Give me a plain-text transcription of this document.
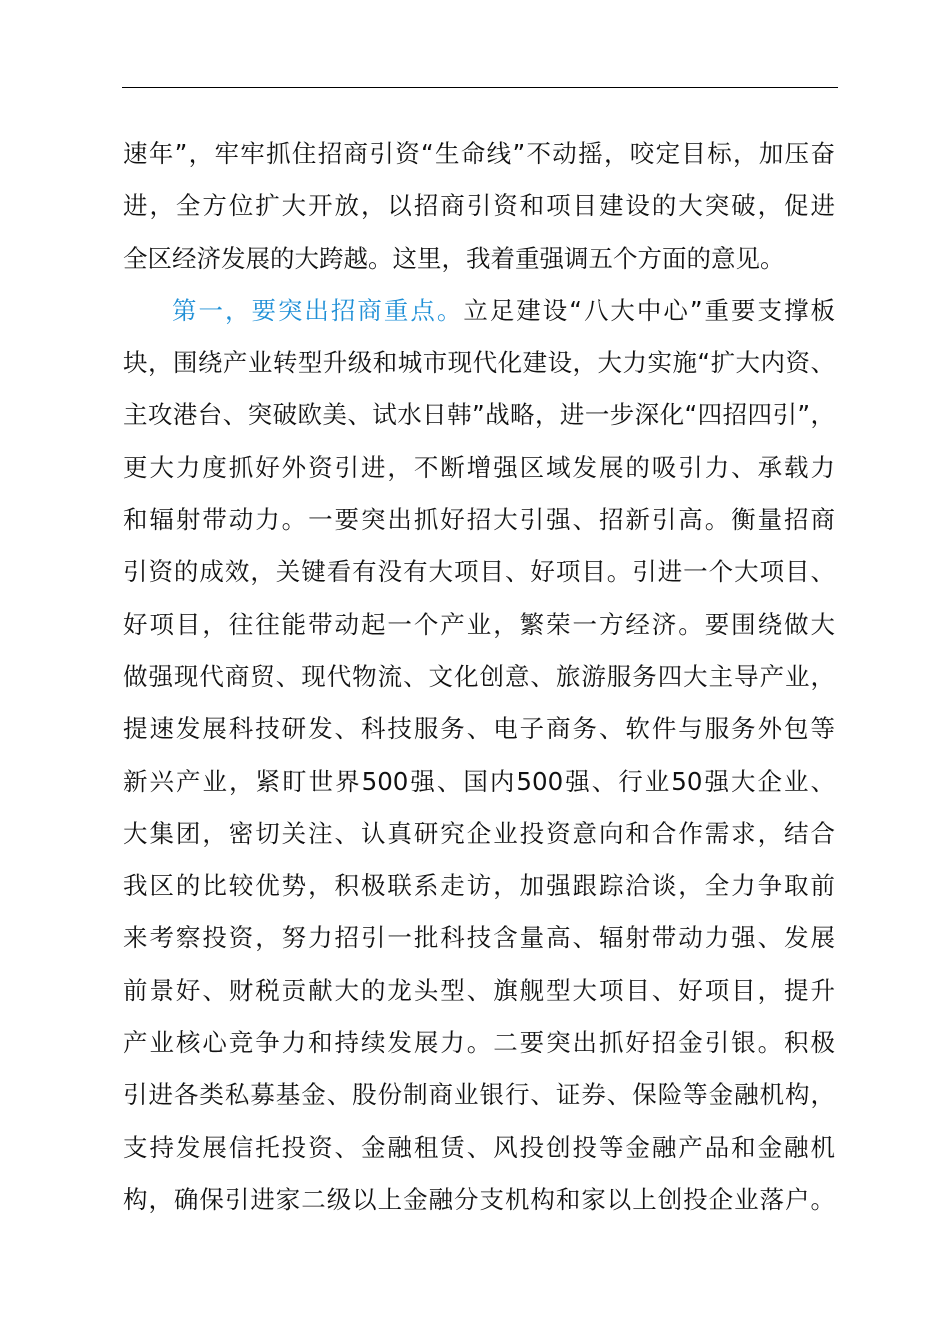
速年”，牢牢抓住招商引资“生命线”不动摇，咬定目标，加压奋
进，全方位扩大开放，以招商引资和项目建设的大突破，促进
全区经济发展的大跨越。这里，我着重强调五个方面的意见。
第一，要突出招商重点。立足建设“八大中心”重要支撑板
块，围绕产业转型升级和城市现代化建设，大力实施“扩大内资、
主攻港台、突破欧美、试水日韩”战略，进一步深化“四招四引”，
更大力度抓好外资引进，不断增强区域发展的吸引力、承载力
和辐射带动力。一要突出抓好招大引强、招新引高。衡量招商
引资的成效，关键看有没有大项目、好项目。引进一个大项目、
好项目，往往能带动起一个产业，繁荣一方经济。要围绕做大
做强现代商贸、现代物流、文化创意、旅游服务四大主导产业，
提速发展科技研发、科技服务、电子商务、软件与服务外包等
新兴产业，紧盯世界500强、国内500强、行业50强大企业、
大集团，密切关注、认真研究企业投资意向和合作需求，结合
我区的比较优势，积极联系走访，加强跟踪洽谈，全力争取前
来考察投资，努力招引一批科技含量高、辐射带动力强、发展
前景好、财税贡献大的龙头型、旗舰型大项目、好项目，提升
产业核心竞争力和持续发展力。二要突出抓好招金引银。积极
引进各类私募基金、股份制商业银行、证券、保险等金融机构，
支持发展信托投资、金融租赁、风投创投等金融产品和金融机
构，确保引进家二级以上金融分支机构和家以上创投企业落户。
